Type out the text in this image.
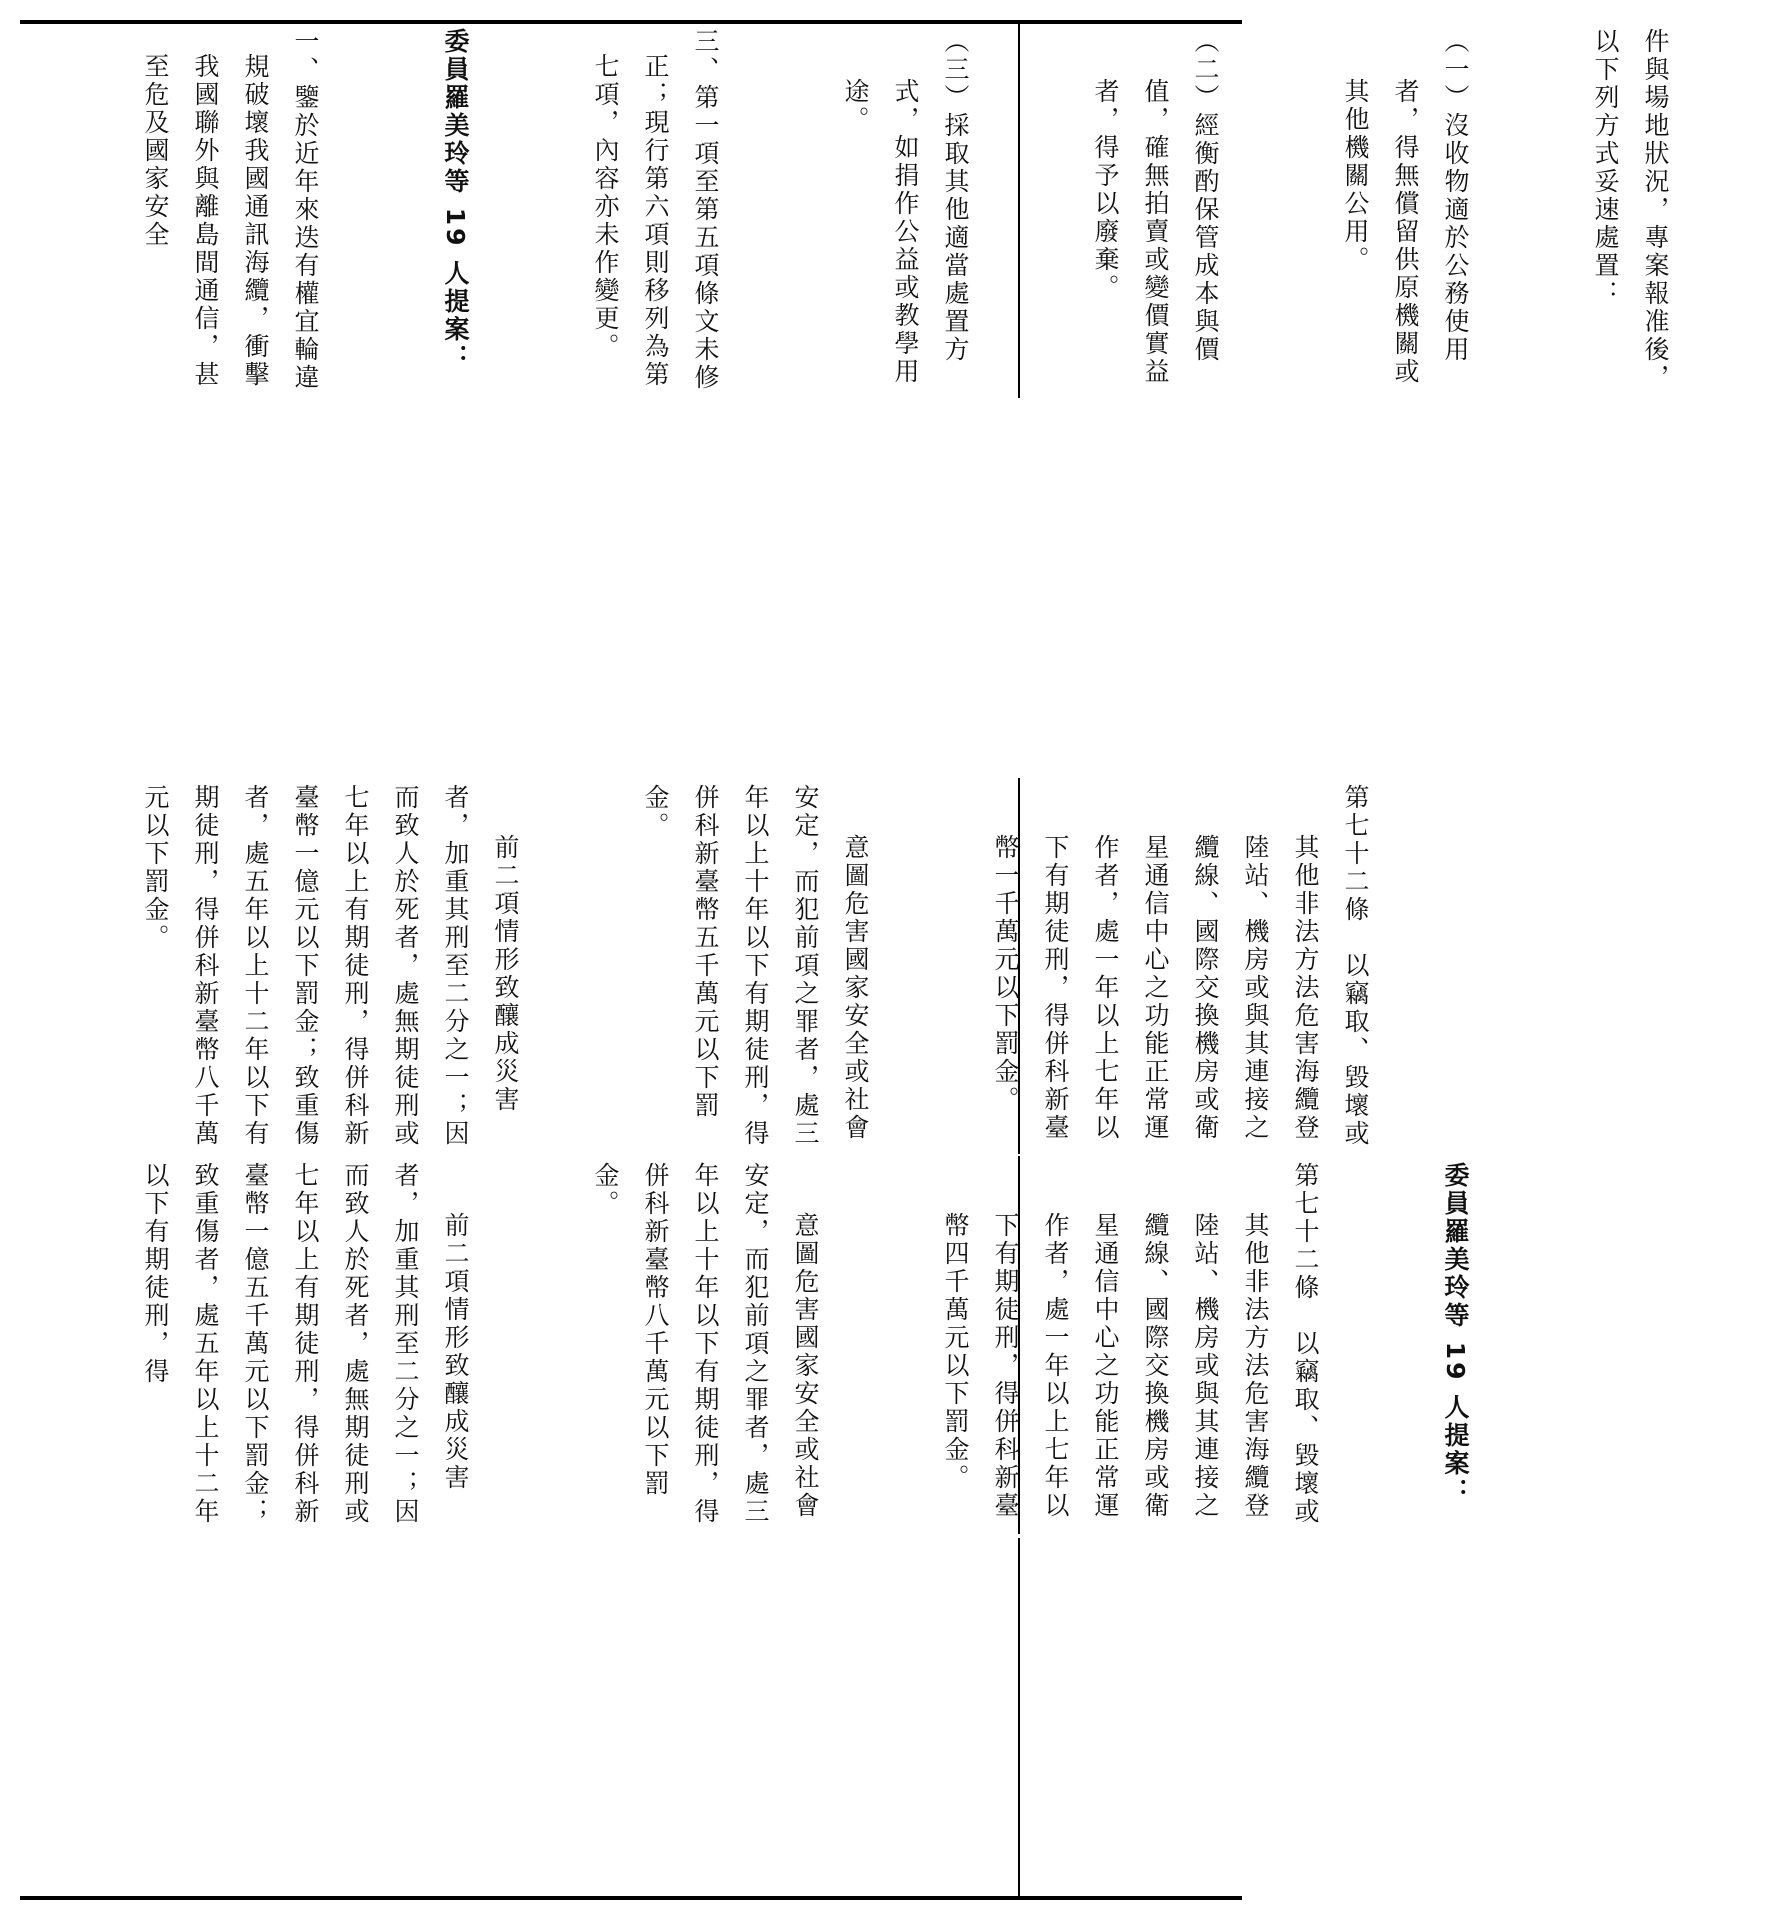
件與場地狀況，專案報准後，以下列方式妥速處置：

（一）沒收物適於公務使用者，得無償留供原機關或其他機關公用。

（二）經衡酌保管成本與價值，確無拍賣或變價實益者，得予以廢棄。

（三）採取其他適當處置方式，如捐作公益或教學用途。

三、第一項至第五項條文未修正；現行第六項則移列為第七項，內容亦未作變更。

委員羅美玲等 19 人提案：

一、鑒於近年來迭有權宜輪違規破壞我國通訊海纜，衝擊我國聯外與離島間通信，甚至危及國家安全

第七十二條　以竊取、毀壞或其他非法方法危害海纜登陸站、機房或與其連接之纜線、國際交換機房或衛星通信中心之功能正常運作者，處一年以上七年以下有期徒刑，得併科新臺幣一千萬元以下罰金。

意圖危害國家安全或社會安定，而犯前項之罪者，處三年以上十年以下有期徒刑，得併科新臺幣五千萬元以下罰金。

前二項情形致釀成災害者，加重其刑至二分之一；因而致人於死者，處無期徒刑或七年以上有期徒刑，得併科新臺幣一億元以下罰金；致重傷者，處五年以上十二年以下有期徒刑，得併科新臺幣八千萬元以下罰金。

委員羅美玲等 19 人提案：

第七十二條　以竊取、毀壞或其他非法方法危害海纜登陸站、機房或與其連接之纜線、國際交換機房或衛星通信中心之功能正常運作者，處一年以上七年以下有期徒刑，得併科新臺幣四千萬元以下罰金。

意圖危害國家安全或社會安定，而犯前項之罪者，處三年以上十年以下有期徒刑，得併科新臺幣八千萬元以下罰金。

前二項情形致釀成災害者，加重其刑至二分之一；因而致人於死者，處無期徒刑或七年以上有期徒刑，得併科新臺幣一億五千萬元以下罰金；致重傷者，處五年以上十二年以下有期徒刑，得
